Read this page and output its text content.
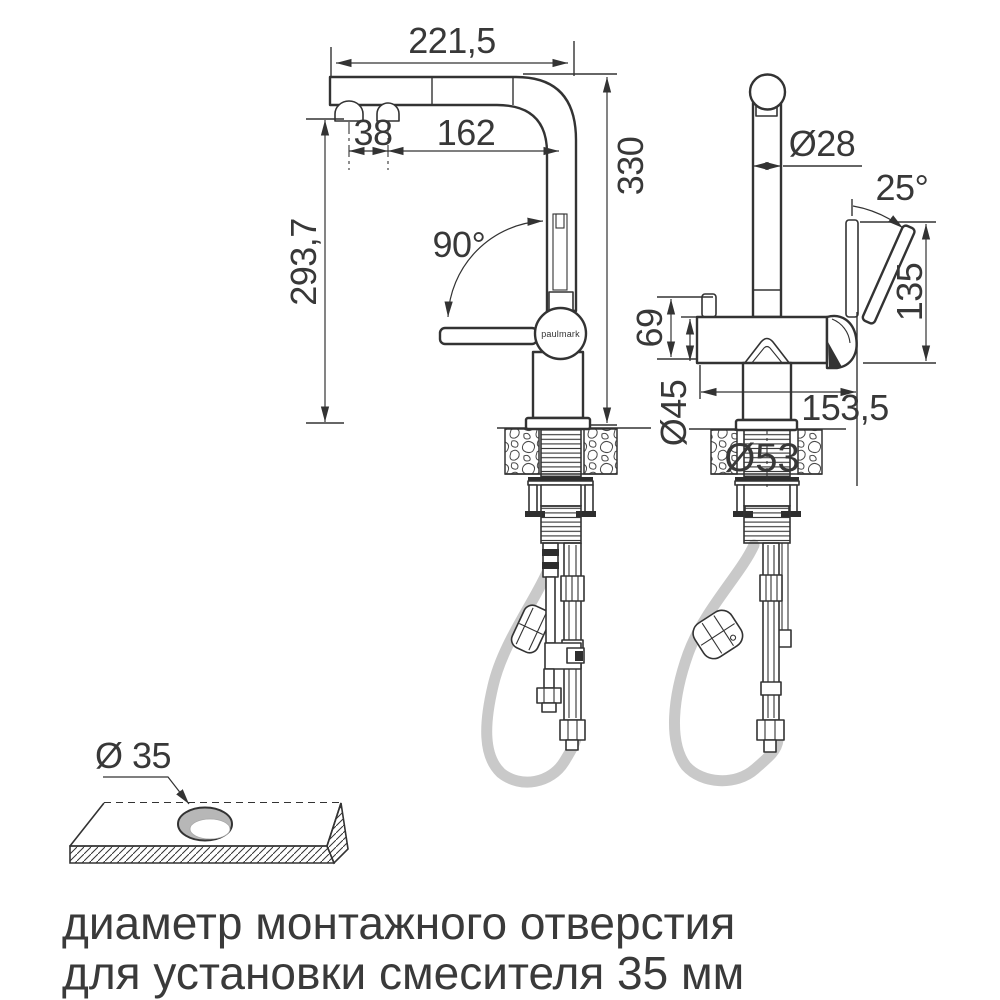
paulmark
221,5
38 162
293,7
330
90°
Ø28
25°
135
69
Ø45	153,5
Ø53
Ø 35
диаметр монтажного отверстия
для установки смесителя 35 мм
